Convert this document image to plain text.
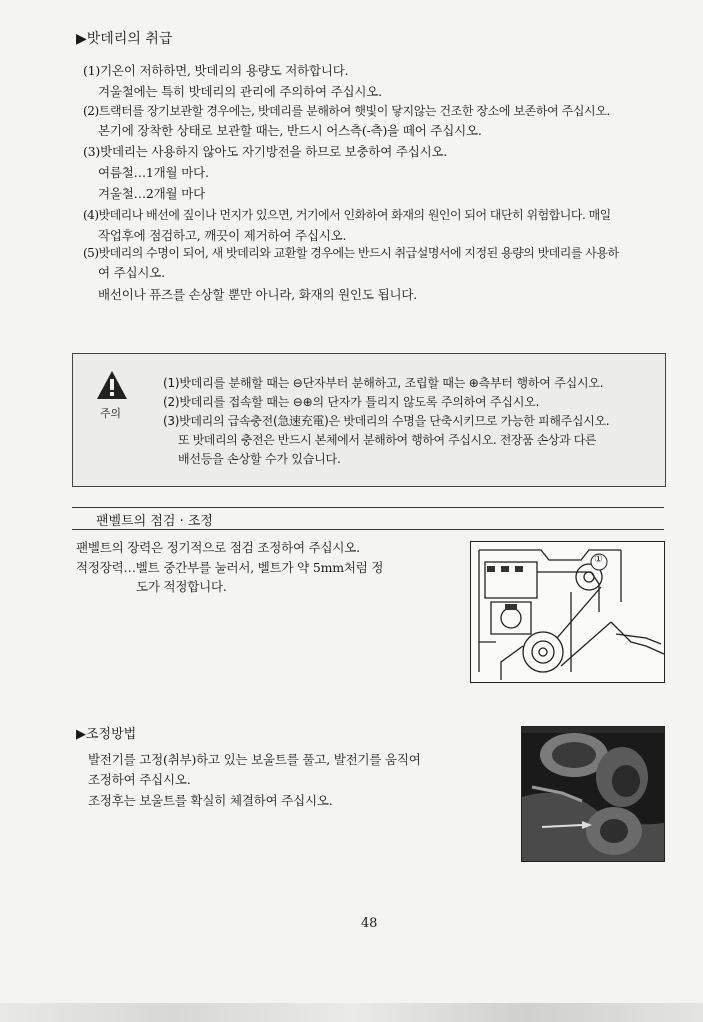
▶밧데리의 취급
(1)기온이 저하하면, 밧데리의 용량도 저하합니다.
겨울철에는 특히 밧데리의 관리에 주의하여 주십시오.
(2)트랙터를 장기보관할 경우에는, 밧데리를 분해하여 햇빛이 닿지않는 건조한 장소에 보존하여 주십시오.
본기에 장착한 상태로 보관할 때는, 반드시 어스측(-측)을 떼어 주십시오.
(3)밧데리는 사용하지 않아도 자기방전을 하므로 보충하여 주십시오.
여름철…1개월 마다.
겨울철…2개월 마다
(4)밧데리나 배선에 짚이나 먼지가 있으면, 거기에서 인화하여 화재의 원인이 되어 대단히 위험합니다. 매일
작업후에 점검하고, 깨끗이 제거하여 주십시오.
(5)밧데리의 수명이 되어, 새 밧데리와 교환할 경우에는 반드시 취급설명서에 지정된 용량의 밧데리를 사용하
여 주십시오.
배선이나 퓨즈를 손상할 뿐만 아니라, 화재의 원인도 됩니다.
주의
(1)밧데리를 분해할 때는 ⊖단자부터 분해하고, 조립할 때는 ⊕측부터 행하여 주십시오.
(2)밧데리를 접속할 때는 ⊖⊕의 단자가 틀리지 않도록 주의하여 주십시오.
(3)밧데리의 급속충전(急速充電)은 밧데리의 수명을 단축시키므로 가능한 피해주십시오.
또 밧데리의 충전은 반드시 본체에서 분해하여 행하여 주십시오. 전장품 손상과 다른
배선등을 손상할 수가 있습니다.
팬벨트의 점검 · 조정
팬벨트의 장력은 정기적으로 점검 조정하여 주십시오.
적정장력…벨트 중간부를 눌러서, 벨트가 약 5mm처럼 정
도가 적정합니다.
①
▶조정방법
발전기를 고정(취부)하고 있는 보울트를 풀고, 발전기를 움직여
조정하여 주십시오.
조정후는 보울트를 확실히 체결하여 주십시오.
48
